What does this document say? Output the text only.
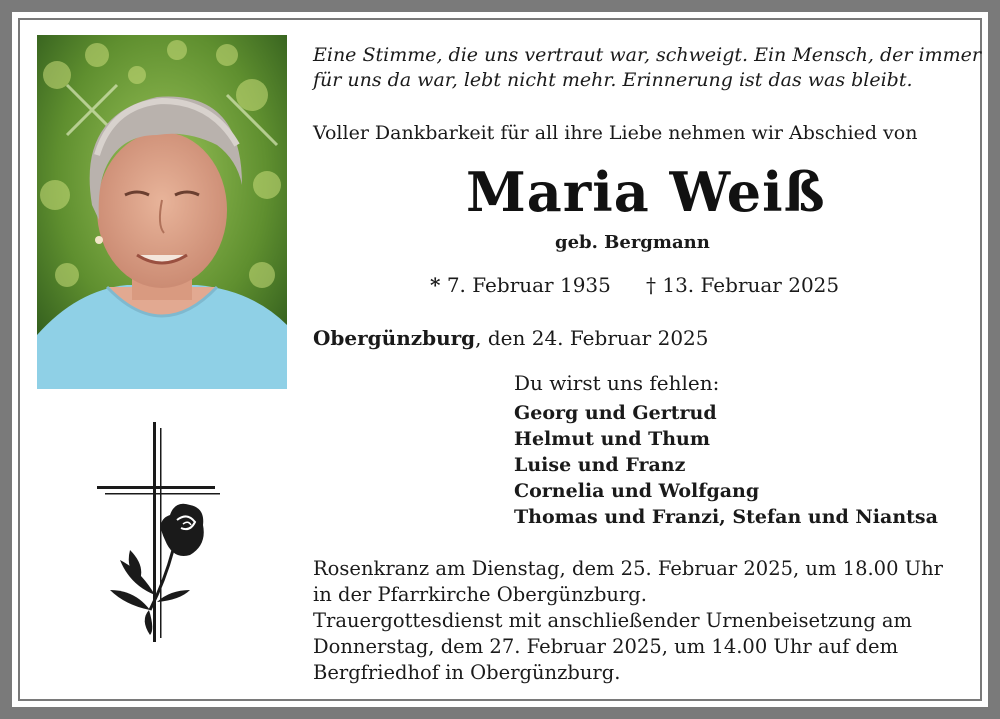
Eine Stimme, die uns vertraut war, schweigt. Ein Mensch, der immer
für uns da war, lebt nicht mehr. Erinnerung ist das was bleibt.
Voller Dankbarkeit für all ihre Liebe nehmen wir Abschied von
Maria Weiß
geb. Bergmann
* 7. Februar 1935 † 13. Februar 2025
Obergünzburg, den 24. Februar 2025
Du wirst uns fehlen:
Georg und Gertrud
Helmut und Thum
Luise und Franz
Cornelia und Wolfgang
Thomas und Franzi, Stefan und Niantsa
Rosenkranz am Dienstag, dem 25. Februar 2025, um 18.00 Uhr
in der Pfarrkirche Obergünzburg.
Trauergottesdienst mit anschließender Urnenbeisetzung am
Donnerstag, dem 27. Februar 2025, um 14.00 Uhr auf dem
Bergfriedhof in Obergünzburg.
